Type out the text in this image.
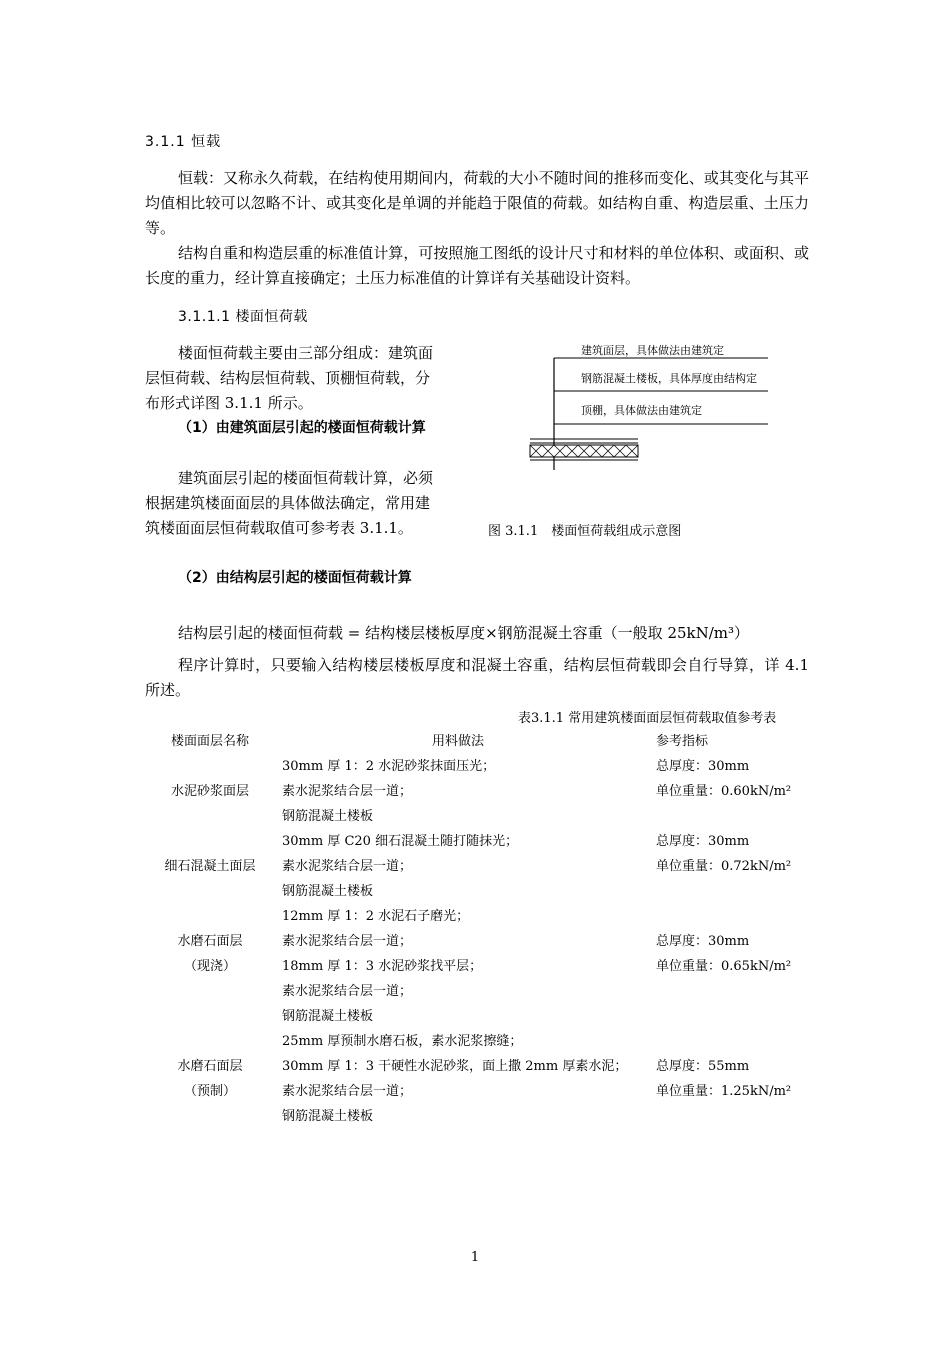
3.1.1 恒载
恒载：又称永久荷载，在结构使用期间内，荷载的大小不随时间的推移而变化、或其变化与其平均值相比较可以忽略不计、或其变化是单调的并能趋于限值的荷载。如结构自重、构造层重、土压力等。
结构自重和构造层重的标准值计算，可按照施工图纸的设计尺寸和材料的单位体积、或面积、或长度的重力，经计算直接确定；土压力标准值的计算详有关基础设计资料。
3.1.1.1 楼面恒荷载
楼面恒荷载主要由三部分组成：建筑面层恒荷载、结构层恒荷载、顶棚恒荷载，分布形式详图 3.1.1 所示。
（1）由建筑面层引起的楼面恒荷载计算
建筑面层引起的楼面恒荷载计算，必须根据建筑楼面面层的具体做法确定，常用建筑楼面面层恒荷载取值可参考表 3.1.1。
（2）由结构层引起的楼面恒荷载计算
建筑面层，具体做法由建筑定
钢筋混凝土楼板，具体厚度由结构定
顶棚，具体做法由建筑定
图 3.1.1　楼面恒荷载组成示意图
结构层引起的楼面恒荷载 = 结构楼层楼板厚度×钢筋混凝土容重（一般取 25kN/m³）
程序计算时，只要输入结构楼层楼板厚度和混凝土容重，结构层恒荷载即会自行导算，详 4.1 所述。
表3.1.1 常用建筑楼面面层恒荷载取值参考表
楼面面层名称	用料做法	参考指标
水泥砂浆面层
30mm 厚 1：2 水泥砂浆抹面压光；
素水泥浆结合层一道；
钢筋混凝土楼板
总厚度：30mm
单位重量：0.60kN/m²
细石混凝土面层
30mm 厚 C20 细石混凝土随打随抹光；
素水泥浆结合层一道；
钢筋混凝土楼板
总厚度：30mm
单位重量：0.72kN/m²
水磨石面层
（现浇）
12mm 厚 1：2 水泥石子磨光；
素水泥浆结合层一道；
18mm 厚 1：3 水泥砂浆找平层；
素水泥浆结合层一道；
钢筋混凝土楼板
总厚度：30mm
单位重量：0.65kN/m²
水磨石面层
（预制）
25mm 厚预制水磨石板，素水泥浆擦缝；
30mm 厚 1：3 干硬性水泥砂浆，面上撒 2mm 厚素水泥；
素水泥浆结合层一道；
钢筋混凝土楼板
总厚度：55mm
单位重量：1.25kN/m²
1
